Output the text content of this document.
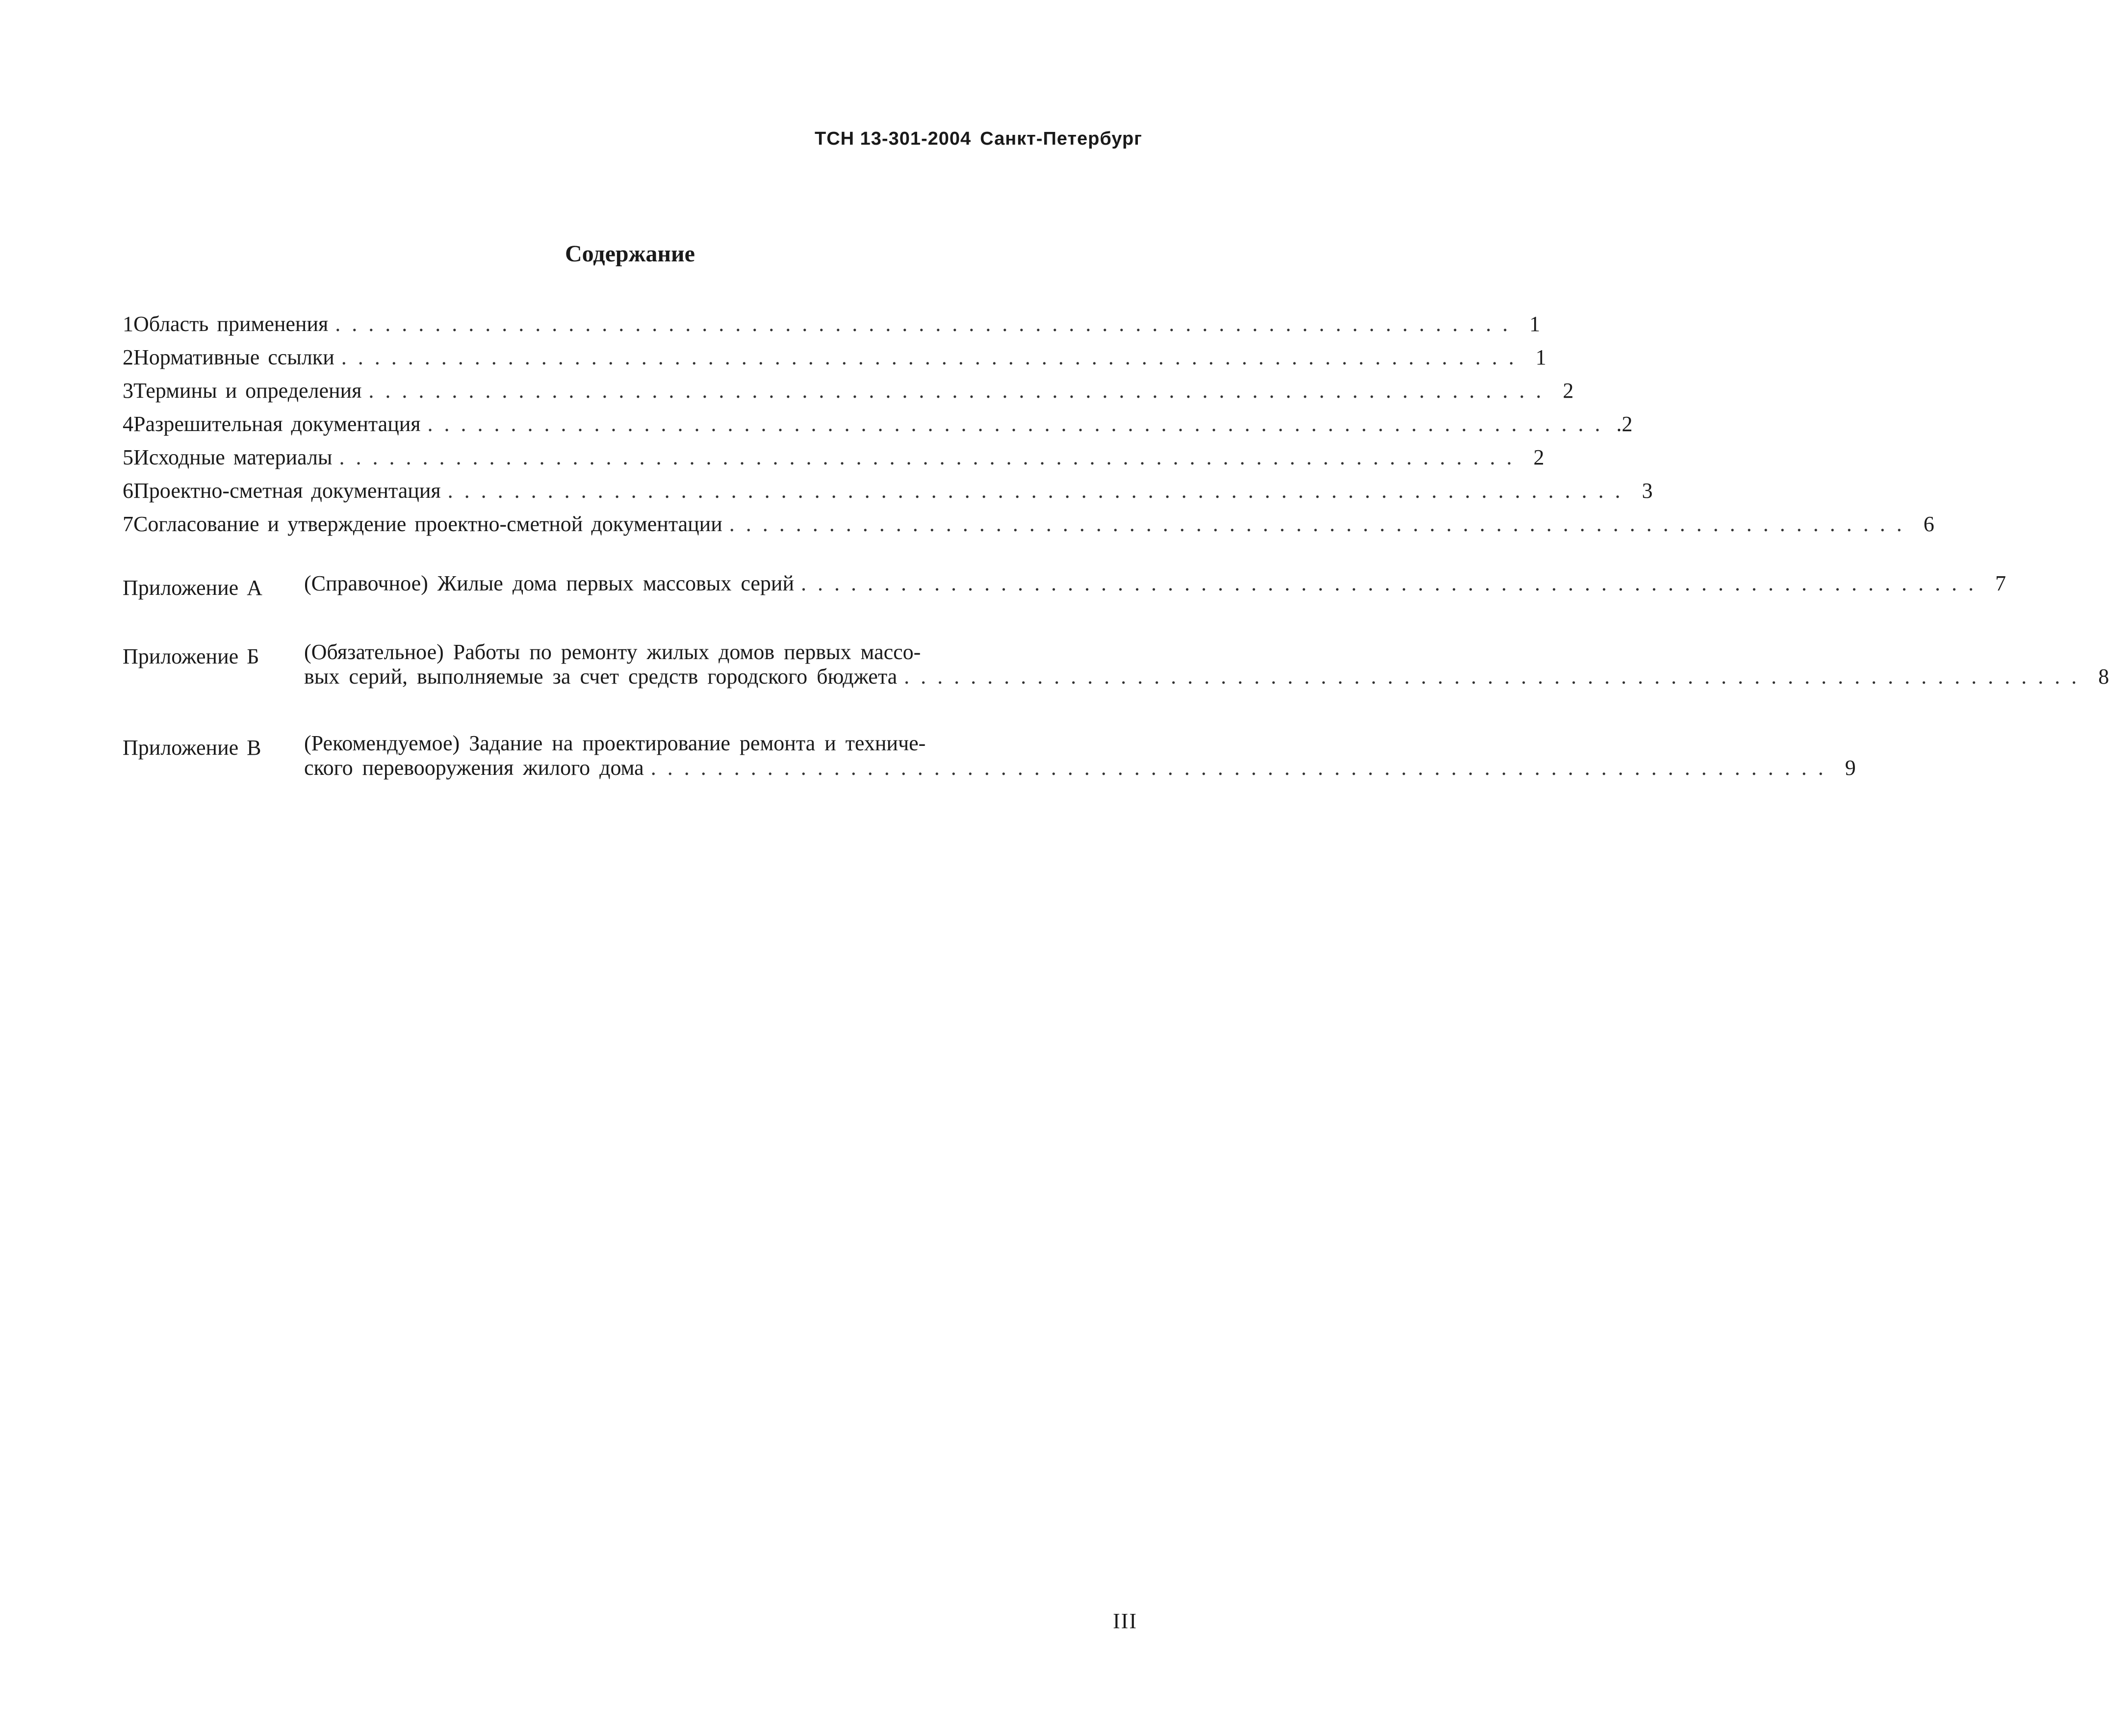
ТСН 13-301-2004 Санкт-Петербург
Содержание
1 Область применения . . .	1
2 Нормативные ссылки . . .	1
3 Термины и определения . . .	2
4 Разрешительная документация . . .	.2
5 Исходные материалы . . .	2
6 Проектно-сметная документация . . .	3
7 Согласование и утверждение проектно-сметной документации . . .	6
Приложение А	(Справочное) Жилые дома первых массовых серий . . .	7
Приложение Б	(Обязательное) Работы по ремонту жилых домов первых массо-
вых серий, выполняемые за счет средств городского бюджета . . .	8
Приложение В	(Рекомендуемое) Задание на проектирование ремонта и техниче-
ского перевооружения жилого дома . . .	9
III
